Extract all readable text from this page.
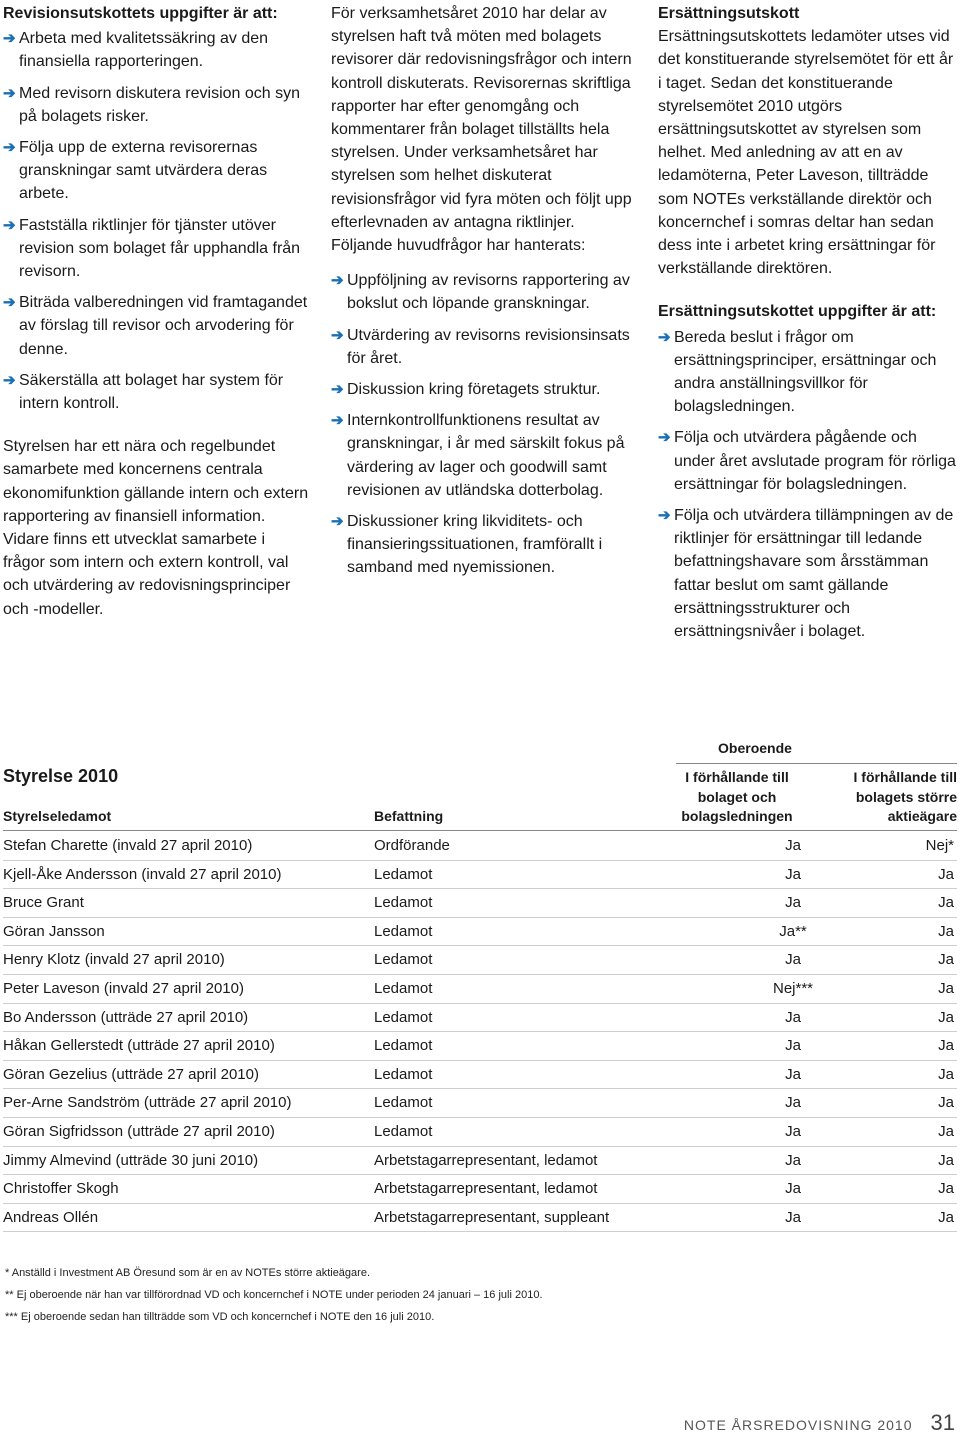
Revisionsutskottets uppgifter är att:
➔ Arbeta med kvalitetssäkring av den finansiella rapporteringen.
➔ Med revisorn diskutera revision och syn på bolagets risker.
➔ Följa upp de externa revisorernas granskningar samt utvärdera deras arbete.
➔ Fastställa riktlinjer för tjänster utöver revision som bolaget får upphandla från revisorn.
➔ Biträda valberedningen vid framtagandet av förslag till revisor och arvodering för denne.
➔ Säkerställa att bolaget har system för intern kontroll.

Styrelsen har ett nära och regelbundet samarbete med koncernens centrala ekonomifunktion gällande intern och extern rapportering av finansiell information. Vidare finns ett utvecklat samarbete i frågor som intern och extern kontroll, val och utvärdering av redovisningsprinciper och -modeller.

För verksamhetsåret 2010 har delar av styrelsen haft två möten med bolagets revisorer där redovisningsfrågor och intern kontroll diskuterats. Revisorernas skriftliga rapporter har efter genomgång och kommentarer från bolaget tillställts hela styrelsen. Under verksamhetsåret har styrelsen som helhet diskuterat revisionsfrågor vid fyra möten och följt upp efterlevnaden av antagna riktlinjer. Följande huvudfrågor har hanterats:

➔ Uppföljning av revisorns rapportering av bokslut och löpande granskningar.
➔ Utvärdering av revisorns revisionsinsats för året.
➔ Diskussion kring företagets struktur.
➔ Internkontrollfunktionens resultat av granskningar, i år med särskilt fokus på värdering av lager och goodwill samt revisionen av utländska dotterbolag.
➔ Diskussioner kring likviditets- och finansieringssituationen, framförallt i samband med nyemissionen.
Ersättningsutskott

Ersättningsutskottets ledamöter utses vid det konstituerande styrelsemötet för ett år i taget. Sedan det konstituerande styrelsemötet 2010 utgörs ersättningsutskottet av styrelsen som helhet. Med anledning av att en av ledamöterna, Peter Laveson, tillträdde som NOTEs verkställande direktör och koncernchef i somras deltar han sedan dess inte i arbetet kring ersättningar för verkställande direktören.

Ersättningsutskottet uppgifter är att:
➔ Bereda beslut i frågor om ersättningsprinciper, ersättningar och andra anställningsvillkor för bolagsledningen.
➔ Följa och utvärdera pågående och under året avslutade program för rörliga ersättningar för bolagsledningen.
➔ Följa och utvärdera tillämpningen av de riktlinjer för ersättningar till ledande befattningshavare som årsstämman fattar beslut om samt gällande ersättningsstrukturer och ersättningsnivåer i bolaget.
Oberoende
Styrelse 2010	I förhållande till bolaget och bolagsledningen
I förhållande till bolagets större aktieägare
Styrelseledamot	Befattning
Stefan Charette (invald 27 april 2010)	Ordförande	Ja	Nej*
Kjell-Åke Andersson (invald 27 april 2010)	Ledamot	Ja	Ja
Bruce Grant	Ledamot	Ja	Ja
Göran Jansson	Ledamot	Ja**	Ja
Henry Klotz (invald 27 april 2010)	Ledamot	Ja	Ja
Peter Laveson (invald 27 april 2010)	Ledamot	Nej***	Ja
Bo Andersson (utträde 27 april 2010)	Ledamot	Ja	Ja
Håkan Gellerstedt (utträde 27 april 2010)	Ledamot	Ja	Ja
Göran Gezelius (utträde 27 april 2010)	Ledamot	Ja	Ja
Per-Arne Sandström (utträde 27 april 2010)	Ledamot	Ja	Ja
Göran Sigfridsson (utträde 27 april 2010)	Ledamot	Ja	Ja
Jimmy Almevind (utträde 30 juni 2010)	Arbetstagarrepresentant, ledamot	Ja	Ja
Christoffer Skogh	Arbetstagarrepresentant, ledamot	Ja	Ja
Andreas Ollén	Arbetstagarrepresentant, suppleant	Ja	Ja
* Anställd i Investment AB Öresund som är en av NOTEs större aktieägare.
** Ej oberoende när han var tillförordnad VD och koncernchef i NOTE under perioden 24 januari – 16 juli 2010.
*** Ej oberoende sedan han tillträdde som VD och koncernchef i NOTE den 16 juli 2010.
NOTE ÅRSREDOVISNING 2010 31
